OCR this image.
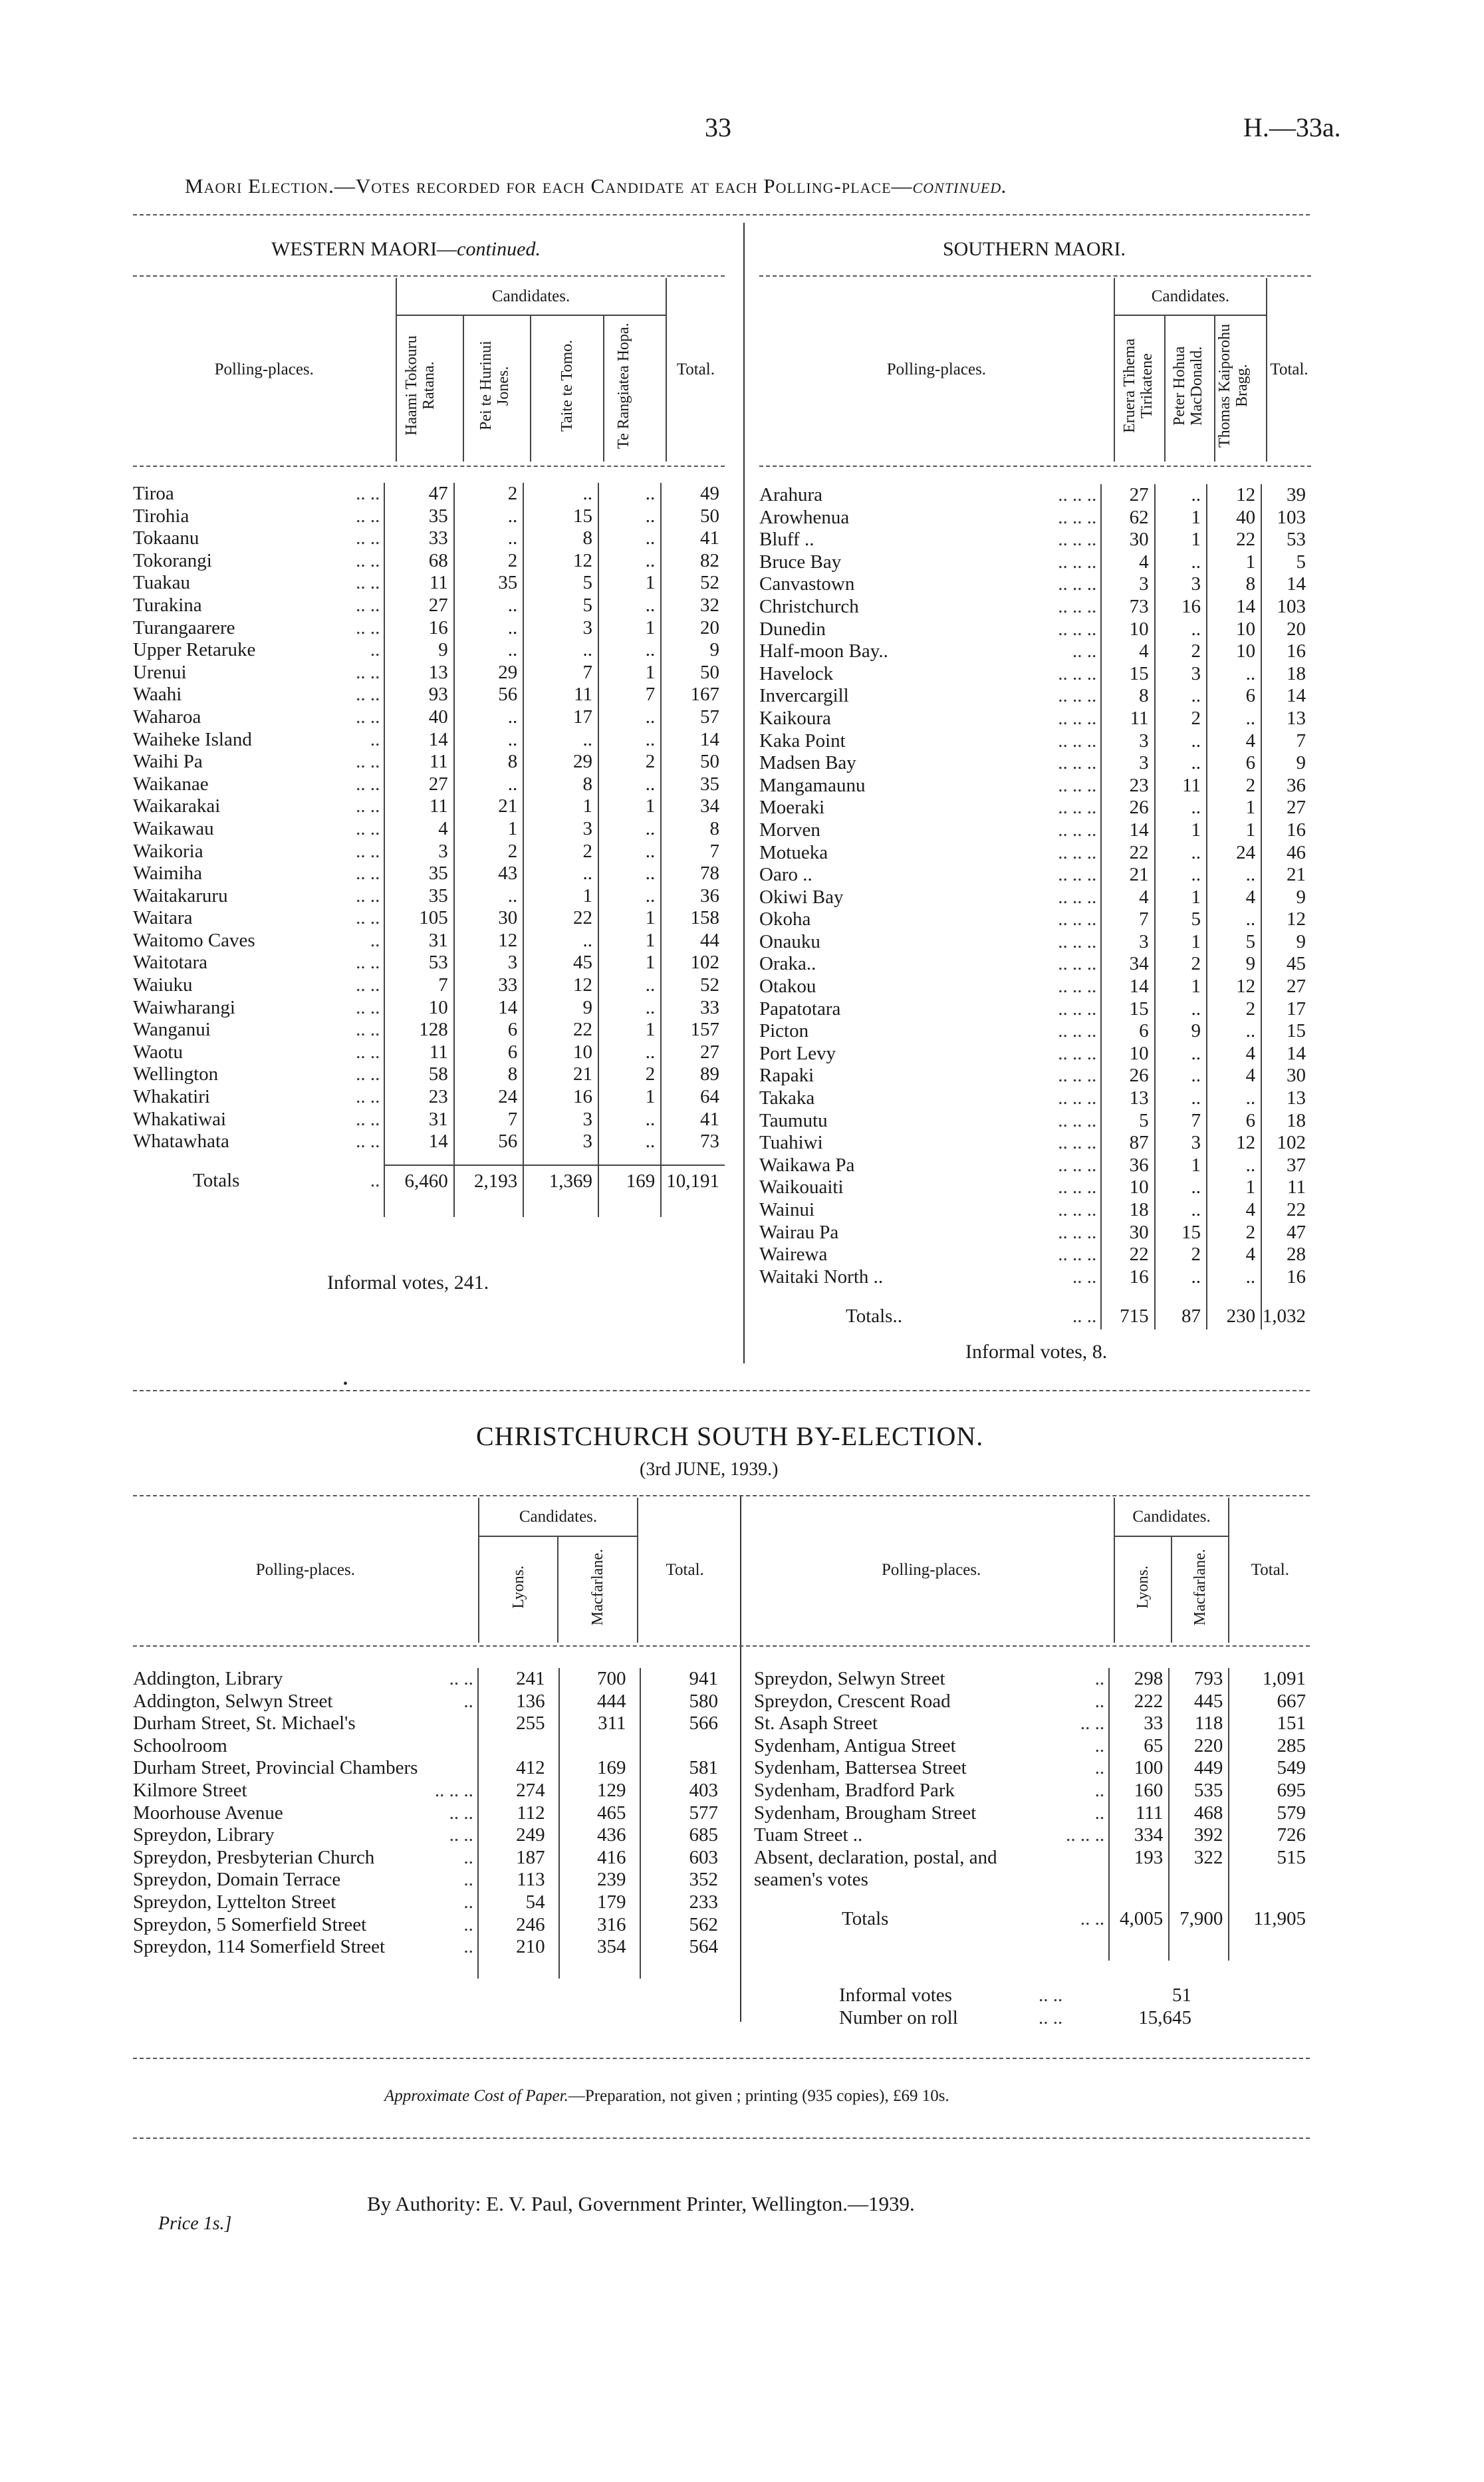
33	H.—33a.
Maori Election.—Votes recorded for each Candidate at each Polling-place—continued.
WESTERN MAORI—continued.
Polling-places.	Candidates.				Total.
	Haami Tokouru Ratana.	Pei te Hurinui Jones.	Taite te Tomo.	Te Rangiatea Hopa.	
Tiroa	.. ..	47	2	..	..	49
Tirohia	.. ..	35	..	15	..	50
Tokaanu	.. ..	33	..	8	..	41
Tokorangi	.. ..	68	2	12	..	82
Tuakau	.. ..	11	35	5	1	52
Turakina	.. ..	27	..	5	..	32
Turangaarere	.. ..	16	..	3	1	20
Upper Retaruke	..	9	..	..	..	9
Urenui	.. ..	13	29	7	1	50
Waahi	.. ..	93	56	11	7	167
Waharoa	.. ..	40	..	17	..	57
Waiheke Island	..	14	..	..	..	14
Waihi Pa	.. ..	11	8	29	2	50
Waikanae	.. ..	27	..	8	..	35
Waikarakai	.. ..	11	21	1	1	34
Waikawau	.. ..	4	1	3	..	8
Waikoria	.. ..	3	2	2	..	7
Waimiha	.. ..	35	43	..	..	78
Waitakaruru	.. ..	35	..	1	..	36
Waitara	.. ..	105	30	22	1	158
Waitomo Caves	..	31	12	..	1	44
Waitotara	.. ..	53	3	45	1	102
Waiuku	.. ..	7	33	12	..	52
Waiwharangi	.. ..	10	14	9	..	33
Wanganui	.. ..	128	6	22	1	157
Waotu	.. ..	11	6	10	..	27
Wellington	.. ..	58	8	21	2	89
Whakatiri	.. ..	23	24	16	1	64
Whakatiwai	.. ..	31	7	3	..	41
Whatawhata	.. ..	14	56	3	..	73

Totals	..	6,460	2,193	1,369	169	10,191

Informal votes, 241.
SOUTHERN MAORI.
Polling-places.	Candidates.			Total.
	Eruera Tihema Tirikatene	Peter Hohua MacDonald.	Thomas Kaiporohu Bragg.	
Arahura	.. .. ..	27	..	12	39
Arowhenua	.. .. ..	62	1	40	103
Bluff ..	.. .. ..	30	1	22	53
Bruce Bay	.. .. ..	4	..	1	5
Canvastown	.. .. ..	3	3	8	14
Christchurch	.. .. ..	73	16	14	103
Dunedin	.. .. ..	10	..	10	20
Half-moon Bay..	.. ..	4	2	10	16
Havelock	.. .. ..	15	3	..	18
Invercargill	.. .. ..	8	..	6	14
Kaikoura	.. .. ..	11	2	..	13
Kaka Point	.. .. ..	3	..	4	7
Madsen Bay	.. .. ..	3	..	6	9
Mangamaunu	.. .. ..	23	11	2	36
Moeraki	.. .. ..	26	..	1	27
Morven	.. .. ..	14	1	1	16
Motueka	.. .. ..	22	..	24	46
Oaro ..	.. .. ..	21	..	..	21
Okiwi Bay	.. .. ..	4	1	4	9
Okoha	.. .. ..	7	5	..	12
Onauku	.. .. ..	3	1	5	9
Oraka..	.. .. ..	34	2	9	45
Otakou	.. .. ..	14	1	12	27
Papatotara	.. .. ..	15	..	2	17
Picton	.. .. ..	6	9	..	15
Port Levy	.. .. ..	10	..	4	14
Rapaki	.. .. ..	26	..	4	30
Takaka	.. .. ..	13	..	..	13
Taumutu	.. .. ..	5	7	6	18
Tuahiwi	.. .. ..	87	3	12	102
Waikawa Pa	.. .. ..	36	1	..	37
Waikouaiti	.. .. ..	10	..	1	11
Wainui	.. .. ..	18	..	4	22
Wairau Pa	.. .. ..	30	15	2	47
Wairewa	.. .. ..	22	2	4	28
Waitaki North ..	.. ..	16	..	..	16

Totals..	.. ..	715	87	230	1,032
Informal votes, 8.
•
CHRISTCHURCH SOUTH BY-ELECTION.
(3rd JUNE, 1939.)
Polling-places.	Candidates.		Total.
	Lyons.	Macfarlane.		Polling-places.	Candidates.		Total.
	Lyons.	Macfarlane.	
Addington, Library	.. ..	241	700	941
Addington, Selwyn Street	..	136	444	580
Durham Street, St. Michael's		255	311	566
Schoolroom				
Durham Street, Provincial Chambers		412	169	581
Kilmore Street	.. .. ..	274	129	403
Moorhouse Avenue	.. ..	112	465	577
Spreydon, Library	.. ..	249	436	685
Spreydon, Presbyterian Church	..	187	416	603
Spreydon, Domain Terrace	..	113	239	352
Spreydon, Lyttelton Street	..	54	179	233
Spreydon, 5 Somerfield Street	..	246	316	562
Spreydon, 114 Somerfield Street	..	210	354	564

Spreydon, Selwyn Street	..	298	793	1,091
Spreydon, Crescent Road	..	222	445	667
St. Asaph Street	.. ..	33	118	151
Sydenham, Antigua Street	..	65	220	285
Sydenham, Battersea Street	..	100	449	549
Sydenham, Bradford Park	..	160	535	695
Sydenham, Brougham Street	..	111	468	579
Tuam Street ..	.. .. ..	334	392	726
Absent, declaration, postal, and		193	322	515
seamen's votes				

Totals	.. ..	4,005	7,900	11,905

Informal votes	.. ..	51	
Number on roll	.. ..	15,645	
Approximate Cost of Paper.—Preparation, not given ; printing (935 copies), £69 10s.
By Authority: E. V. Paul, Government Printer, Wellington.—1939.
Price 1s.]
